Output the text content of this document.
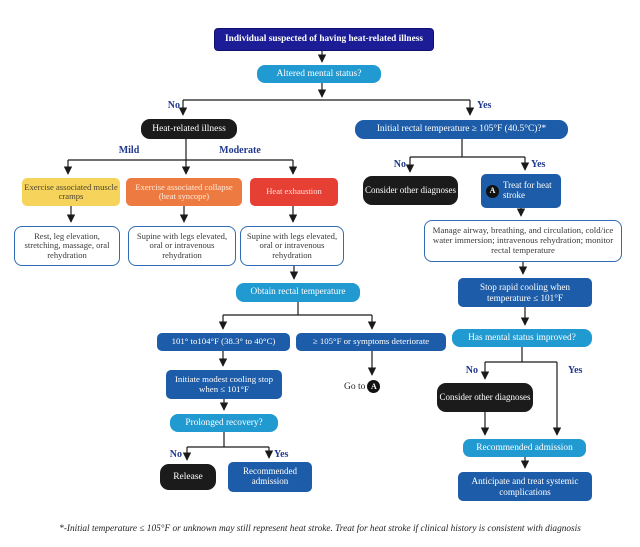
Individual suspected of having heat-related illness
Altered mental status?
No	Yes
Heat-related illness
Mild	Moderate
Exercise associated muscle cramps
Exercise associated collapse (heat syncope)	Heat exhaustion
Rest, leg elevation, stretching, massage, oral rehydration
Supine with legs elevated, oral or intravenous rehydration
Supine with legs elevated, oral or intravenous rehydration
Obtain rectal temperature
101° to104°F (38.3° to 40°C)	≥ 105°F or symptoms deteriorate
Initiate modest cooling stop when ≤ 101°F	Go to A
Prolonged recovery?
No	Yes
Release
Recommended admission
Initial rectal temperature ≥ 105°F (40.5°C)?*
No	Yes
Consider other diagnoses	A Treat for heat stroke
Manage airway, breathing, and circulation, cold/ice water immersion; intravenous rehydration; monitor rectal temperature
Stop rapid cooling when temperature ≤ 101°F
Has mental status improved?
No	Yes
Consider other diagnoses
Recommended admission
Anticipate and treat systemic complications
*-Initial temperature ≤ 105°F or unknown may still represent heat stroke. Treat for heat stroke if clinical history is consistent with diagnosis
